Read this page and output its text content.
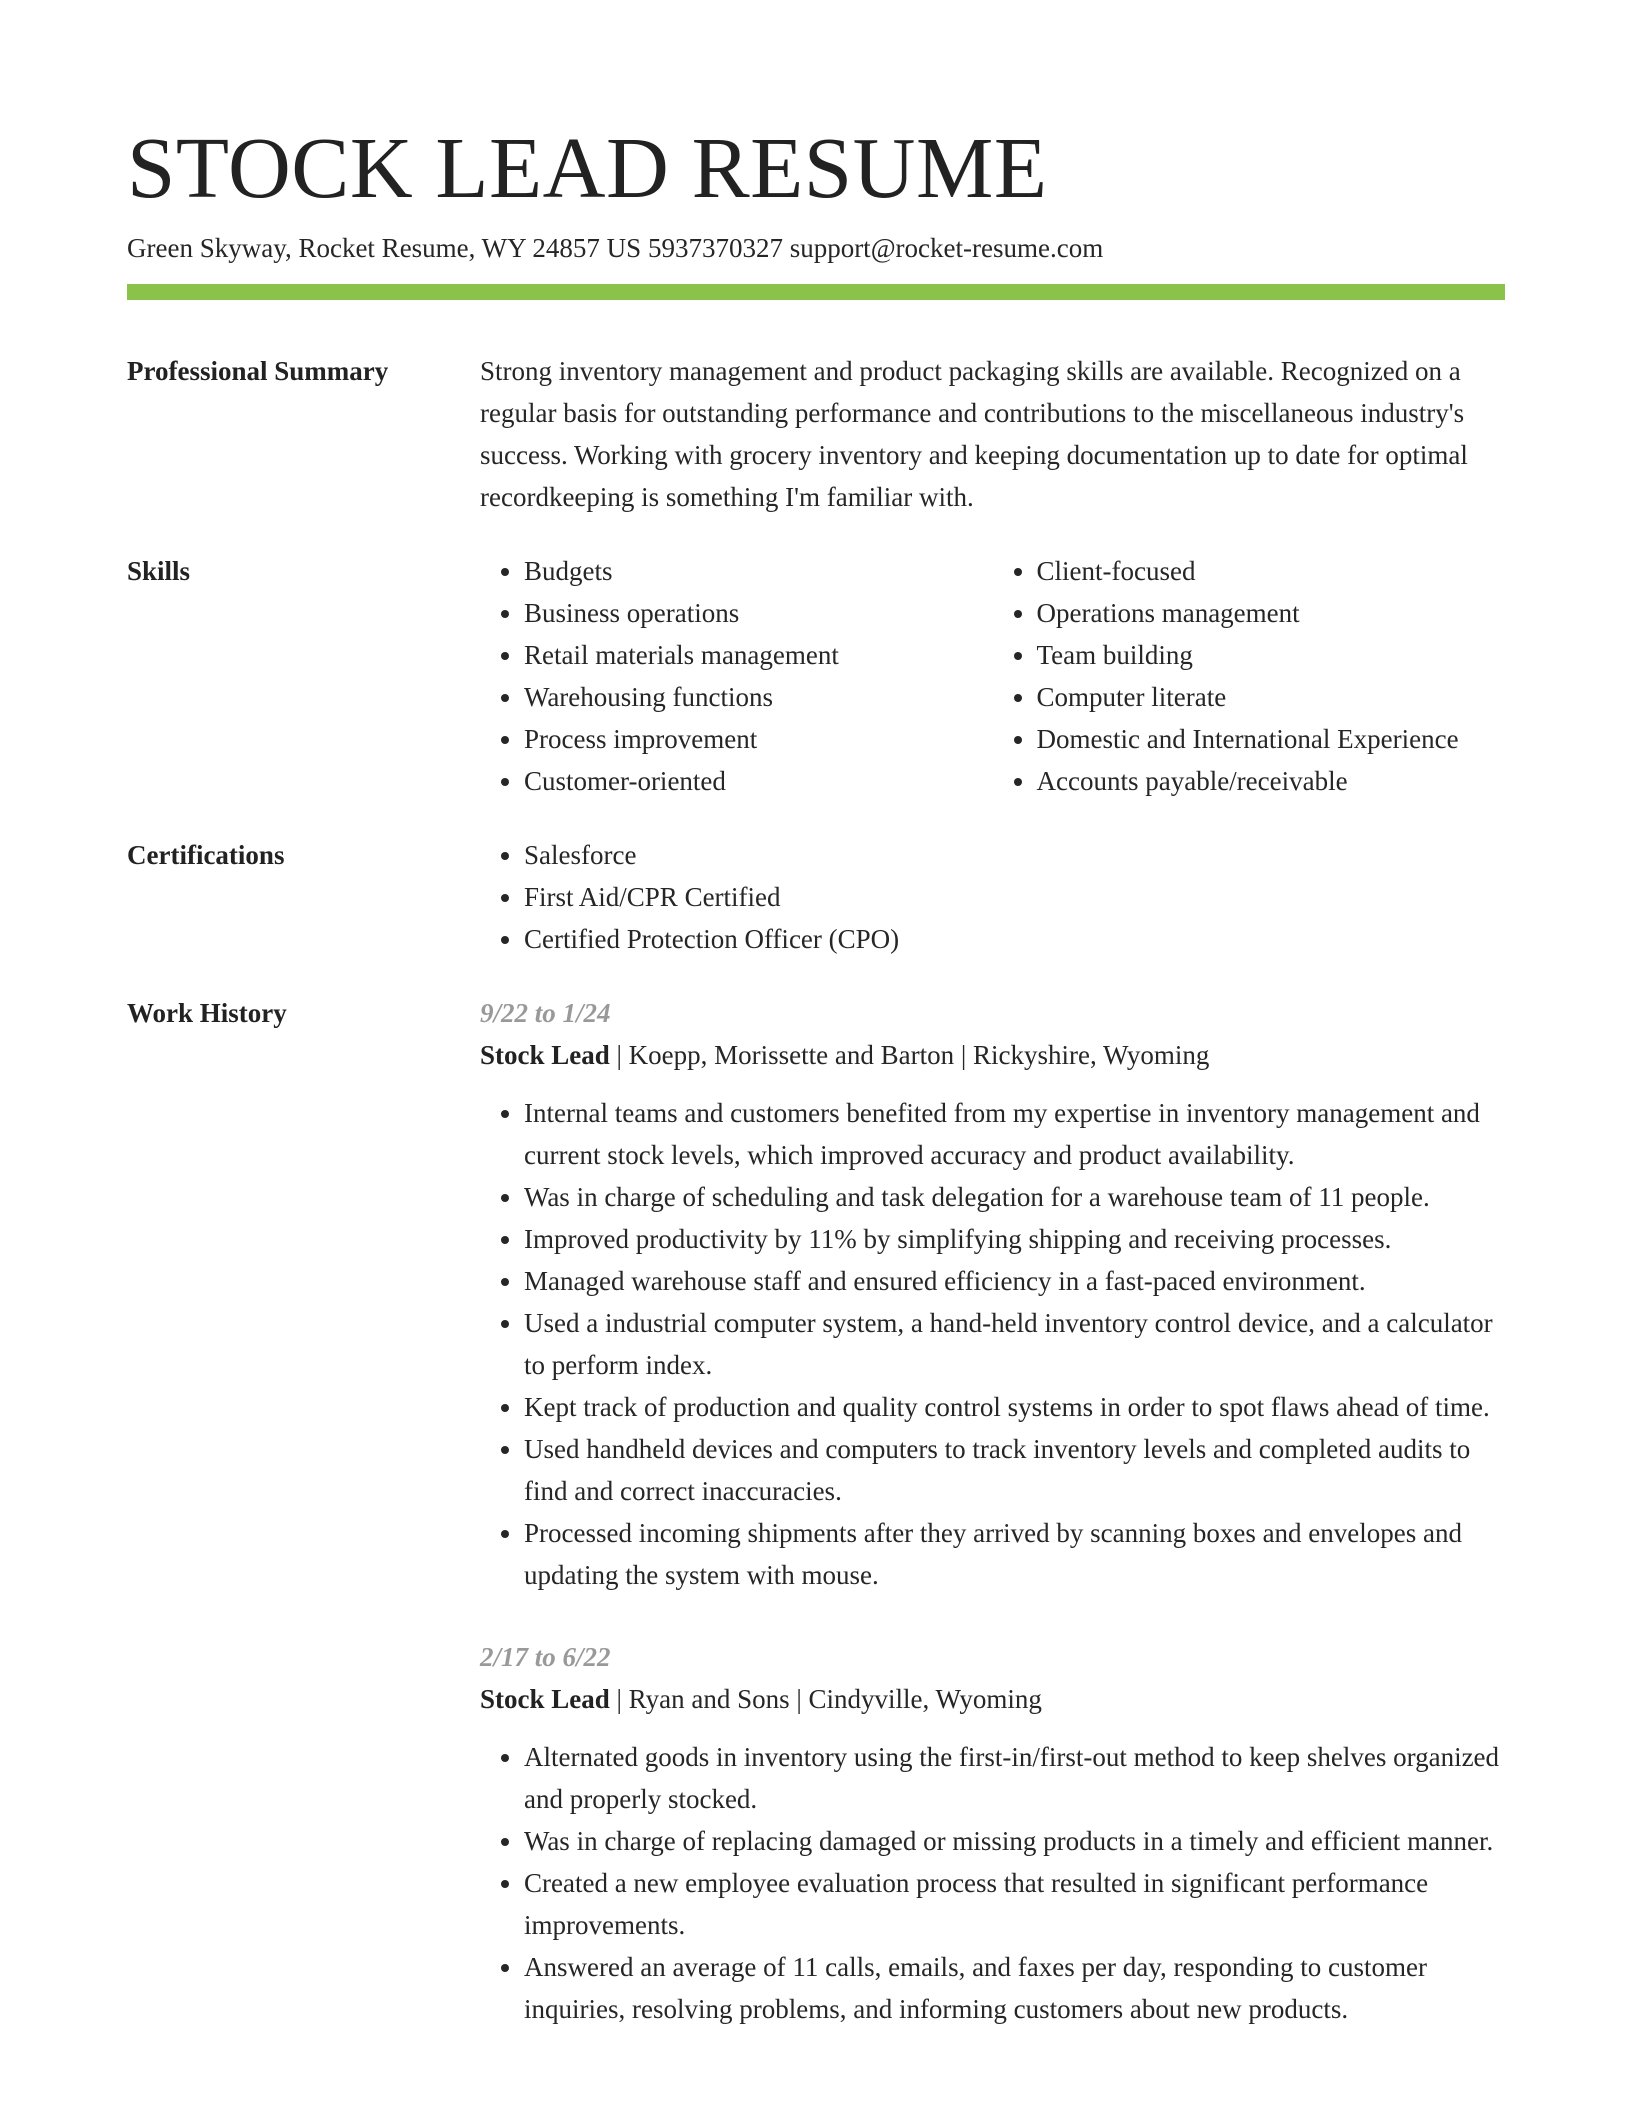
STOCK LEAD RESUME
Green Skyway, Rocket Resume, WY 24857 US 5937370327 support@rocket-resume.com
Professional Summary	Strong inventory management and product packaging skills are available. Recognized on a regular basis for outstanding performance and contributions to the miscellaneous industry's success. Working with grocery inventory and keeping documentation up to date for optimal recordkeeping is something I'm familiar with.
Skills	• Budgets
• Business operations
• Retail materials management
• Warehousing functions
• Process improvement
• Customer-oriented
• Client-focused
• Operations management
• Team building
• Computer literate
• Domestic and International Experience
• Accounts payable/receivable
Certifications	• Salesforce
• First Aid/CPR Certified
• Certified Protection Officer (CPO)
Work History	9/22 to 1/24
Stock Lead | Koepp, Morissette and Barton | Rickyshire, Wyoming
• Internal teams and customers benefited from my expertise in inventory management and current stock levels, which improved accuracy and product availability.
• Was in charge of scheduling and task delegation for a warehouse team of 11 people.
• Improved productivity by 11% by simplifying shipping and receiving processes.
• Managed warehouse staff and ensured efficiency in a fast-paced environment.
• Used a industrial computer system, a hand-held inventory control device, and a calculator to perform index.
• Kept track of production and quality control systems in order to spot flaws ahead of time.
• Used handheld devices and computers to track inventory levels and completed audits to find and correct inaccuracies.
• Processed incoming shipments after they arrived by scanning boxes and envelopes and updating the system with mouse.
2/17 to 6/22
Stock Lead | Ryan and Sons | Cindyville, Wyoming
• Alternated goods in inventory using the first-in/first-out method to keep shelves organized and properly stocked.
• Was in charge of replacing damaged or missing products in a timely and efficient manner.
• Created a new employee evaluation process that resulted in significant performance improvements.
• Answered an average of 11 calls, emails, and faxes per day, responding to customer inquiries, resolving problems, and informing customers about new products.
